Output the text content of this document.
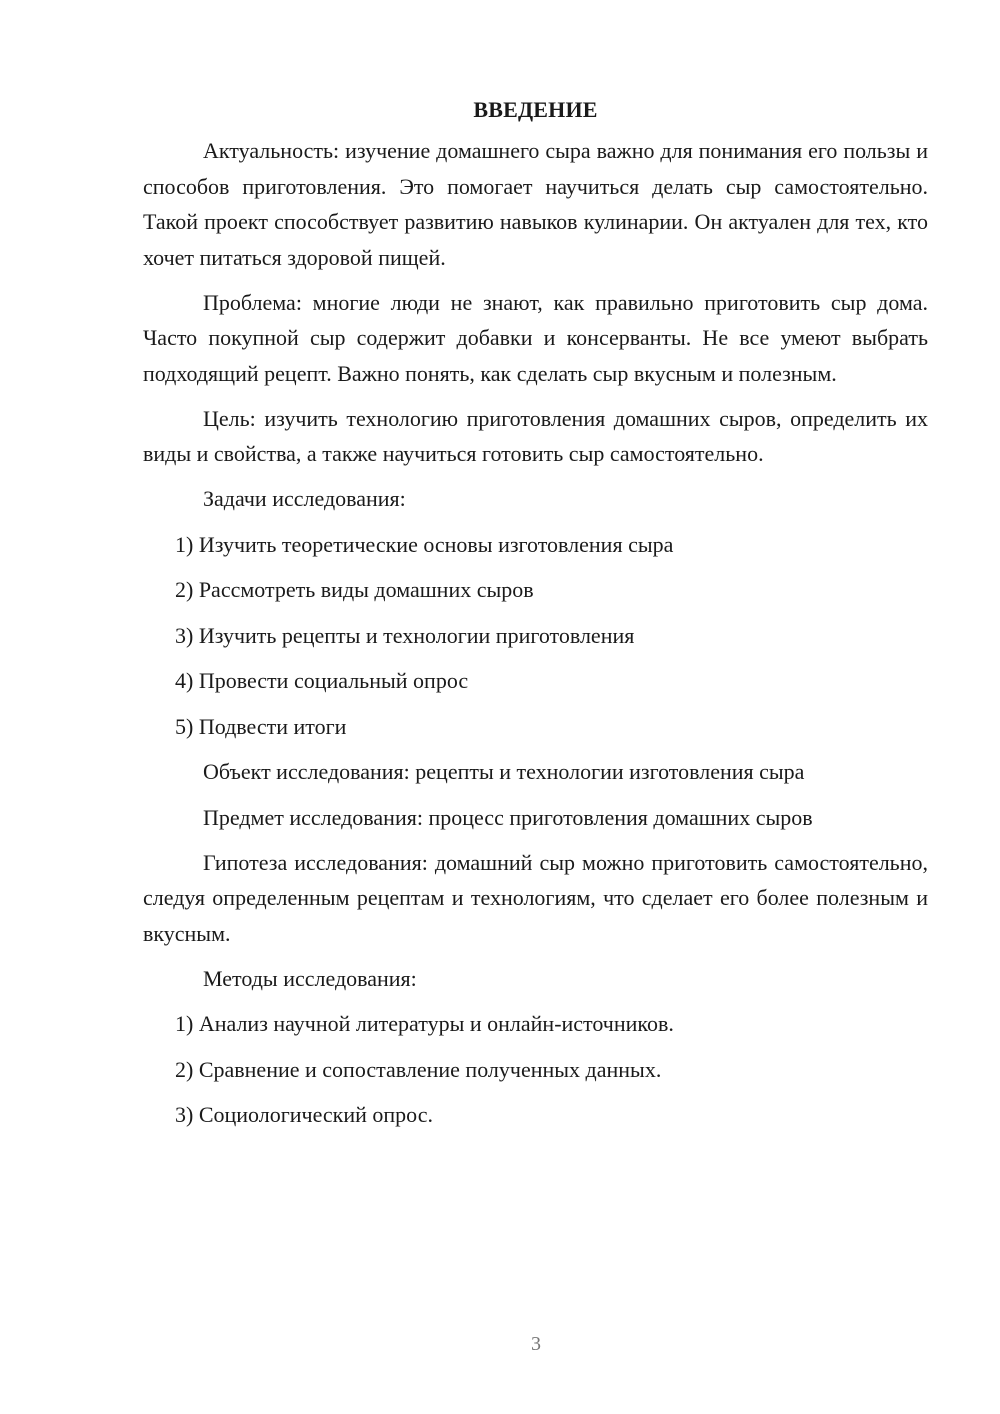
ВВЕДЕНИЕ

Актуальность: изучение домашнего сыра важно для понимания его пользы и способов приготовления. Это помогает научиться делать сыр самостоятельно. Такой проект способствует развитию навыков кулинарии. Он актуален для тех, кто хочет питаться здоровой пищей.

Проблема: многие люди не знают, как правильно приготовить сыр дома. Часто покупной сыр содержит добавки и консерванты. Не все умеют выбрать подходящий рецепт. Важно понять, как сделать сыр вкусным и полезным.

Цель: изучить технологию приготовления домашних сыров, определить их виды и свойства, а также научиться готовить сыр самостоятельно.

Задачи исследования:

1) Изучить теоретические основы изготовления сыра
2) Рассмотреть виды домашних сыров
3) Изучить рецепты и технологии приготовления
4) Провести социальный опрос
5) Подвести итоги

Объект исследования: рецепты и технологии изготовления сыра

Предмет исследования: процесс приготовления домашних сыров

Гипотеза исследования: домашний сыр можно приготовить самостоятельно, следуя определенным рецептам и технологиям, что сделает его более полезным и вкусным.

Методы исследования:

1) Анализ научной литературы и онлайн-источников.
2) Сравнение и сопоставление полученных данных.
3) Социологический опрос.
3
